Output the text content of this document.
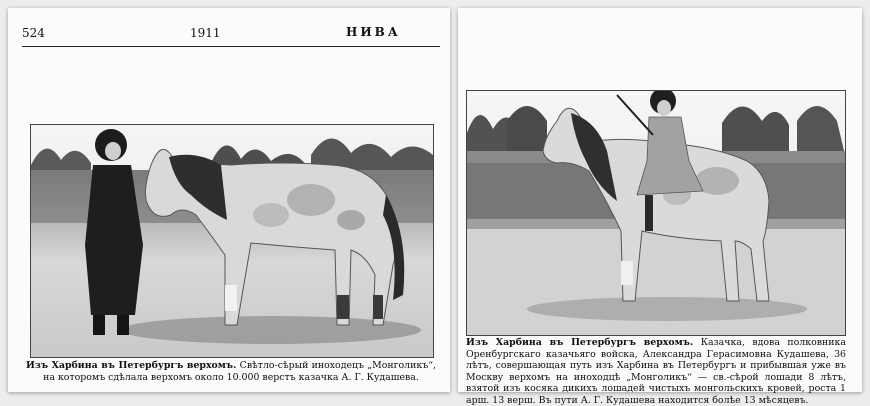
524	1911	НИВА
Изъ Харбина въ Петербургъ верхомъ. Свѣтло-сѣрый иноходецъ „Монголикъ“, на которомъ сдѣлала верхомъ около 10.000 верстъ казачка А. Г. Кудашева.
Изъ Харбина въ Петербургъ верхомъ. Казачка, вдова полковника Оренбургскаго казачьяго войска, Александра Герасимовна Кудашева, 36 лѣтъ, совершающая путь изъ Харбина въ Петербургъ и прибывшая уже въ Москву верхомъ на иноходцѣ „Монголикъ“ — св.-сѣрой лошади 8 лѣтъ, взятой изъ косяка дикихъ лошадей чистыхъ монгольскихъ кровей, роста 1 арш. 13 верш. Въ пути А. Г. Кудашева находится болѣе 13 мѣсяцевъ.
